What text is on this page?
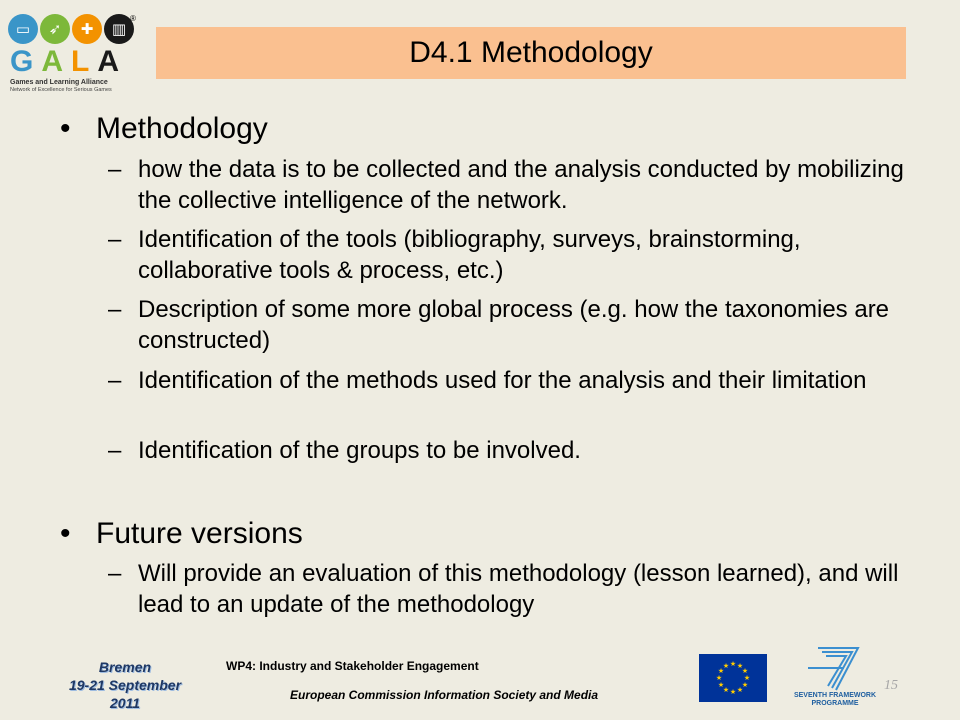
▭	➶	✚	▥
®
GALA
Games and Learning Alliance
Network of Excellence for Serious Games
D4.1 Methodology
• Methodology
– how the data is to be collected and the analysis conducted by mobilizing the collective intelligence of the network.
– Identification of the tools (bibliography, surveys, brainstorming, collaborative tools & process, etc.)
– Description of some more global process (e.g. how the taxonomies are constructed)
– Identification of the methods used for the analysis and their limitation
– Identification of the groups to be involved.
• Future versions
– Will provide an evaluation of this methodology (lesson learned), and will lead to an update of the methodology
Bremen
19-21 September
2011
WP4: Industry and Stakeholder Engagement
European Commission Information Society and Media
★ ★
★
★
★
★
★
★
★
★
★
★
SEVENTH FRAMEWORK
PROGRAMME
15
